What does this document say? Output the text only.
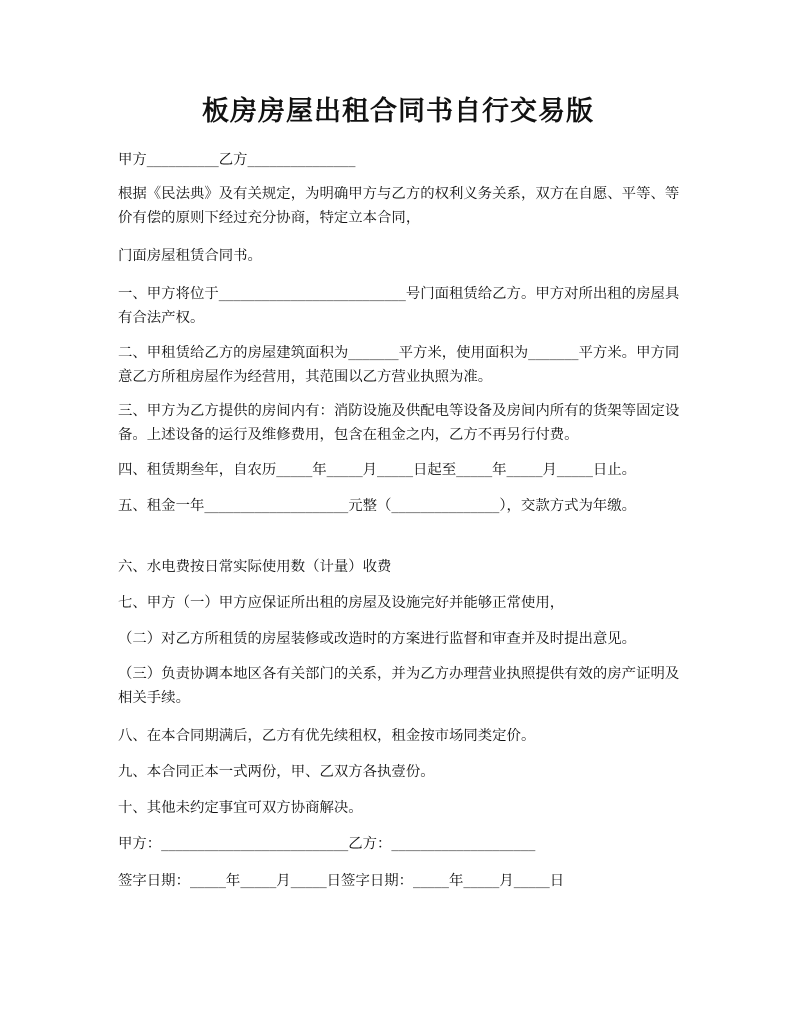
板房房屋出租合同书自行交易版

甲方__________乙方_______________

根据《民法典》及有关规定，为明确甲方与乙方的权利义务关系，双方在自愿、平等、等价有偿的原则下经过充分协商，特定立本合同，

门面房屋租赁合同书。

一、甲方将位于__________________________号门面租赁给乙方。甲方对所出租的房屋具有合法产权。

二、甲租赁给乙方的房屋建筑面积为_______平方米，使用面积为_______平方米。甲方同意乙方所租房屋作为经营用，其范围以乙方营业执照为准。

三、甲方为乙方提供的房间内有：消防设施及供配电等设备及房间内所有的货架等固定设备。上述设备的运行及维修费用，包含在租金之内，乙方不再另行付费。

四、租赁期叁年，自农历_____年_____月_____日起至_____年_____月_____日止。

五、租金一年____________________元整（_______________），交款方式为年缴。

六、水电费按日常实际使用数（计量）收费

七、甲方（一）甲方应保证所出租的房屋及设施完好并能够正常使用，

（二）对乙方所租赁的房屋装修或改造时的方案进行监督和审查并及时提出意见。

（三）负责协调本地区各有关部门的关系，并为乙方办理营业执照提供有效的房产证明及相关手续。

八、在本合同期满后，乙方有优先续租权，租金按市场同类定价。

九、本合同正本一式两份，甲、乙双方各执壹份。

十、其他未约定事宜可双方协商解决。

甲方：__________________________乙方：____________________

签字日期：_____年_____月_____日签字日期：_____年_____月_____日
